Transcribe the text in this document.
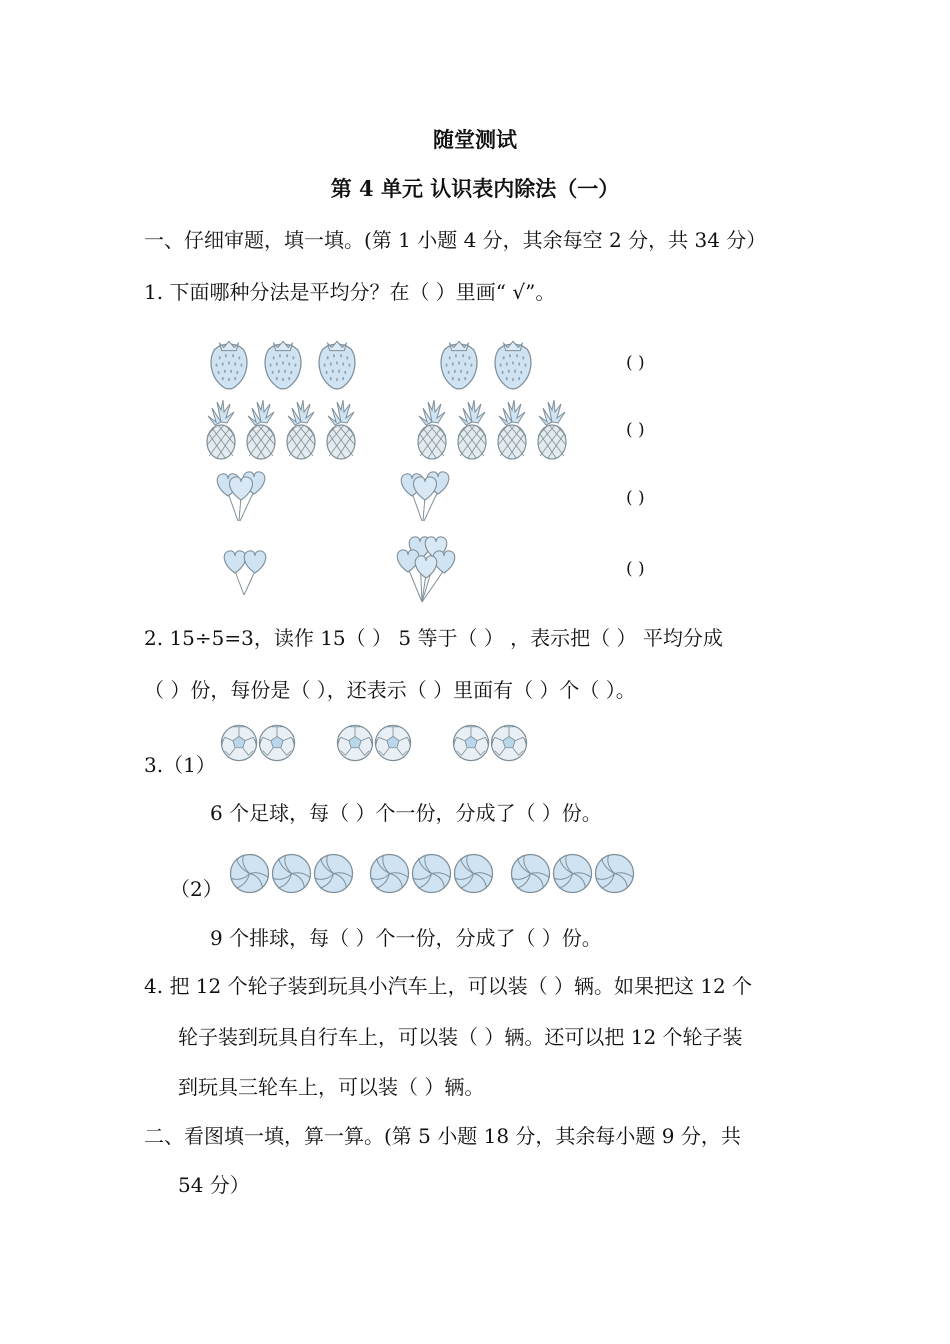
随堂测试
第 4 单元 认识表内除法（一）
一、仔细审题，填一填。(第 1 小题 4 分，其余每空 2 分，共 34 分）
1. 下面哪种分法是平均分？在（ ）里画“ √”。
( )
( )
( )
( )
2. 15÷5=3，读作 15（ ） 5 等于（ ） ，表示把（ ） 平均分成
（ ）份，每份是（ ），还表示（ ）里面有（ ）个（ ）。
3.（1）
6 个足球，每（ ）个一份，分成了（ ）份。
（2）
9 个排球，每（ ）个一份，分成了（ ）份。
4. 把 12 个轮子装到玩具小汽车上，可以装（ ）辆。如果把这 12 个
轮子装到玩具自行车上，可以装（ ）辆。还可以把 12 个轮子装
到玩具三轮车上，可以装（ ）辆。
二、看图填一填，算一算。(第 5 小题 18 分，其余每小题 9 分，共
54 分）
